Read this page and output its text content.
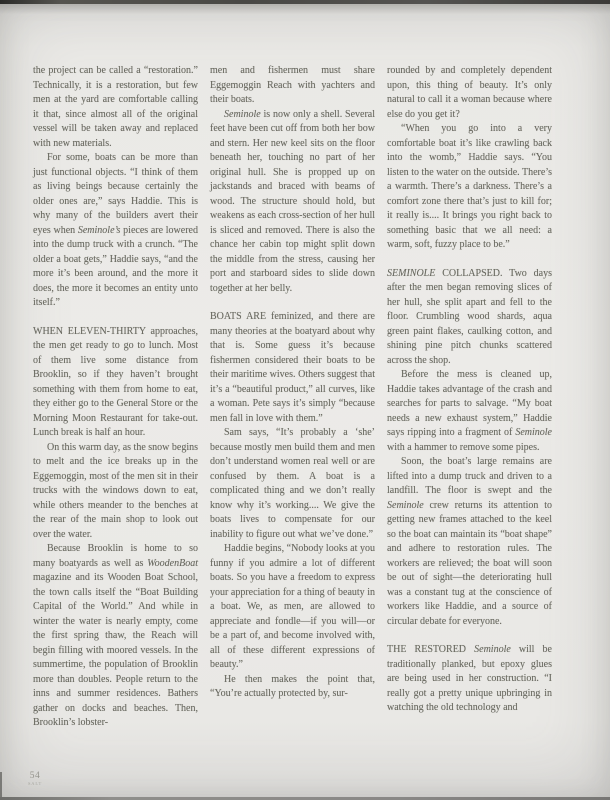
the project can be called a “restoration.” Technically, it is a restoration, but few men at the yard are comfortable calling it that, since almost all of the original vessel will be taken away and replaced with new materials.

For some, boats can be more than just functional objects. “I think of them as living beings because certainly the older ones are,” says Haddie. This is why many of the builders avert their eyes when Seminole’s pieces are lowered into the dump truck with a crunch. “The older a boat gets,” Haddie says, “and the more it’s been around, and the more it does, the more it becomes an entity unto itself.”

WHEN ELEVEN-THIRTY approaches, the men get ready to go to lunch. Most of them live some distance from Brooklin, so if they haven’t brought something with them from home to eat, they either go to the General Store or the Morning Moon Restaurant for take-out. Lunch break is half an hour.

On this warm day, as the snow begins to melt and the ice breaks up in the Eggemoggin, most of the men sit in their trucks with the windows down to eat, while others meander to the benches at the rear of the main shop to look out over the water.

Because Brooklin is home to so many boatyards as well as WoodenBoat magazine and its Wooden Boat School, the town calls itself the “Boat Building Capital of the World.” And while in winter the water is nearly empty, come the first spring thaw, the Reach will begin filling with moored vessels. In the summertime, the population of Brooklin more than doubles. People return to the inns and summer residences. Bathers gather on docks and beaches. Then, Brooklin’s lobster-

men and fishermen must share Eggemoggin Reach with yachters and their boats.

Seminole is now only a shell. Several feet have been cut off from both her bow and stern. Her new keel sits on the floor beneath her, touching no part of her original hull. She is propped up on jackstands and braced with beams of wood. The structure should hold, but weakens as each cross-section of her hull is sliced and removed. There is also the chance her cabin top might split down the middle from the stress, causing her port and starboard sides to slide down together at her belly.

BOATS ARE feminized, and there are many theories at the boatyard about why that is. Some guess it’s because fishermen considered their boats to be their maritime wives. Others suggest that it’s a “beautiful product,” all curves, like a woman. Pete says it’s simply “because men fall in love with them.”

Sam says, “It’s probably a ‘she’ because mostly men build them and men don’t understand women real well or are confused by them. A boat is a complicated thing and we don’t really know why it’s working.... We give the boats lives to compensate for our inability to figure out what we’ve done.”

Haddie begins, “Nobody looks at you funny if you admire a lot of different boats. So you have a freedom to express your appreciation for a thing of beauty in a boat. We, as men, are allowed to appreciate and fondle—if you will—or be a part of, and become involved with, all of these different expressions of beauty.”

He then makes the point that, “You’re actually protected by, sur-

rounded by and completely dependent upon, this thing of beauty. It’s only natural to call it a woman because where else do you get it?

“When you go into a very comfortable boat it’s like crawling back into the womb,” Haddie says. “You listen to the water on the outside. There’s a warmth. There’s a darkness. There’s a comfort zone there that’s just to kill for; it really is.... It brings you right back to something basic that we all need: a warm, soft, fuzzy place to be.”

SEMINOLE COLLAPSED. Two days after the men began removing slices of her hull, she split apart and fell to the floor. Crumbling wood shards, aqua green paint flakes, caulking cotton, and shining pine pitch chunks scattered across the shop.

Before the mess is cleaned up, Haddie takes advantage of the crash and searches for parts to salvage. “My boat needs a new exhaust system,” Haddie says ripping into a fragment of Seminole with a hammer to remove some pipes.

Soon, the boat’s large remains are lifted into a dump truck and driven to a landfill. The floor is swept and the Seminole crew returns its attention to getting new frames attached to the keel so the boat can maintain its “boat shape” and adhere to restoration rules. The workers are relieved; the boat will soon be out of sight—the deteriorating hull was a constant tug at the conscience of workers like Haddie, and a source of circular debate for everyone.

THE RESTORED Seminole will be traditionally planked, but epoxy glues are being used in her construction. “I really got a pretty unique upbringing in watching the old technology and

54
SALT
